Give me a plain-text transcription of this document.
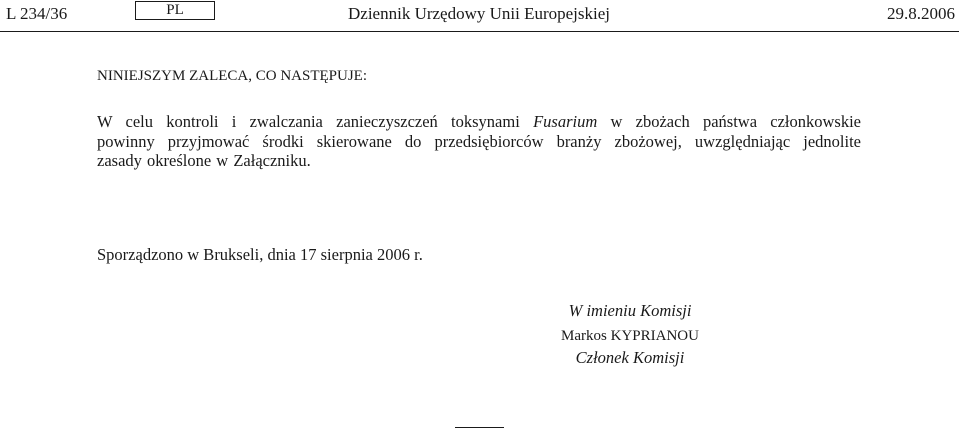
L 234/36	PL	Dziennik Urzędowy Unii Europejskiej	29.8.2006
NINIEJSZYM ZALECA, CO NASTĘPUJE:
W celu kontroli i zwalczania zanieczyszczeń toksynami Fusarium w zbożach państwa członkowskie
powinny przyjmować środki skierowane do przedsiębiorców branży zbożowej, uwzględniając jednolite
zasady określone w Załączniku.
Sporządzono w Brukseli, dnia 17 sierpnia 2006 r.
W imieniu Komisji
Markos KYPRIANOU
Członek Komisji
